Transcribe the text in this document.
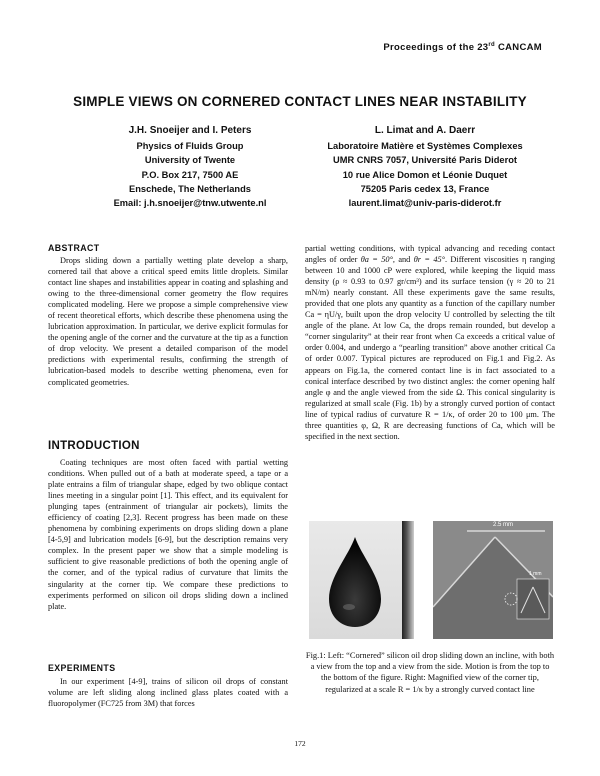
Proceedings of the 23rd CANCAM
SIMPLE VIEWS ON CORNERED CONTACT LINES NEAR INSTABILITY
J.H. Snoeijer and I. Peters
Physics of Fluids Group
University of Twente
P.O. Box 217, 7500 AE
Enschede, The Netherlands
Email: j.h.snoeijer@tnw.utwente.nl
L. Limat and A. Daerr
Laboratoire Matière et Systèmes Complexes
UMR CNRS 7057, Université Paris Diderot
10 rue Alice Domon et Léonie Duquet
75205 Paris cedex 13, France
laurent.limat@univ-paris-diderot.fr
ABSTRACT

Drops sliding down a partially wetting plate develop a sharp, cornered tail that above a critical speed emits little droplets. Similar contact line shapes and instabilities appear in coating and splashing and owing to the three-dimensional corner geometry the flow requires complicated modeling. Here we propose a simple comprehensive view of recent theoretical efforts, which describe these phenomena using the lubrication approximation. In particular, we derive explicit formulas for the opening angle of the corner and the curvature at the tip as a function of drop velocity. We present a detailed comparison of the model predictions with experimental results, confirming the strength of lubrication-based models to describe wetting phenomena, even for complicated geometries.

INTRODUCTION

Coating techniques are most often faced with partial wetting conditions. When pulled out of a bath at moderate speed, a tape or a plate entrains a film of triangular shape, edged by two oblique contact lines meeting in a singular point [1]. This effect, and its equivalent for plunging tapes (entrainment of triangular air pockets), limits the efficiency of coating [2,3]. Recent progress has been made on these phenomena by combining experiments on drops sliding down a plane [4-5,9] and lubrication models [6-9], but the description remains very complex. In the present paper we show that a simple modeling is sufficient to give reasonable predictions of both the opening angle of the corner, and of the typical radius of curvature that limits the singularity at the corner tip. We compare these predictions to experiments performed on silicon oil drops sliding down a inclined plate.

EXPERIMENTS

In our experiment [4-9], trains of silicon oil drops of constant volume are left sliding along inclined glass plates coated with a fluoropolymer (FC725 from 3M) that forces

partial wetting conditions, with typical advancing and receding contact angles of order θa = 50°, and θr = 45°. Different viscosities η ranging between 10 and 1000 cP were explored, while keeping the liquid mass density (ρ ≈ 0.93 to 0.97 gr/cm³) and its surface tension (γ ≈ 20 to 21 mN/m) nearly constant. All these experiments gave the same results, provided that one plots any quantity as a function of the capillary number Ca = ηU/γ, built upon the drop velocity U controlled by selecting the tilt angle of the plane. At low Ca, the drops remain rounded, but develop a “corner singularity” at their rear front when Ca exceeds a critical value of order 0.004, and undergo a “pearling transition” above another critical Ca of order 0.007. Typical pictures are reproduced on Fig.1 and Fig.2. As appears on Fig.1a, the cornered contact line is in fact associated to a conical interface described by two distinct angles: the corner opening half angle φ and the angle viewed from the side Ω. This conical singularity is regularized at small scale (Fig. 1b) by a strongly curved portion of contact line of typical radius of curvature R = 1/κ, of order 20 to 100 μm. The three quantities φ, Ω, R are decreasing functions of Ca, which will be specified in the next section.

2.5 mm
1 mm
Fig.1: Left: “Cornered” silicon oil drop sliding down an incline, with both a view from the top and a view from the side. Motion is from the top to the bottom of the figure. Right: Magnified view of the corner tip, regularized at a scale R = 1/κ by a strongly curved contact line
172
